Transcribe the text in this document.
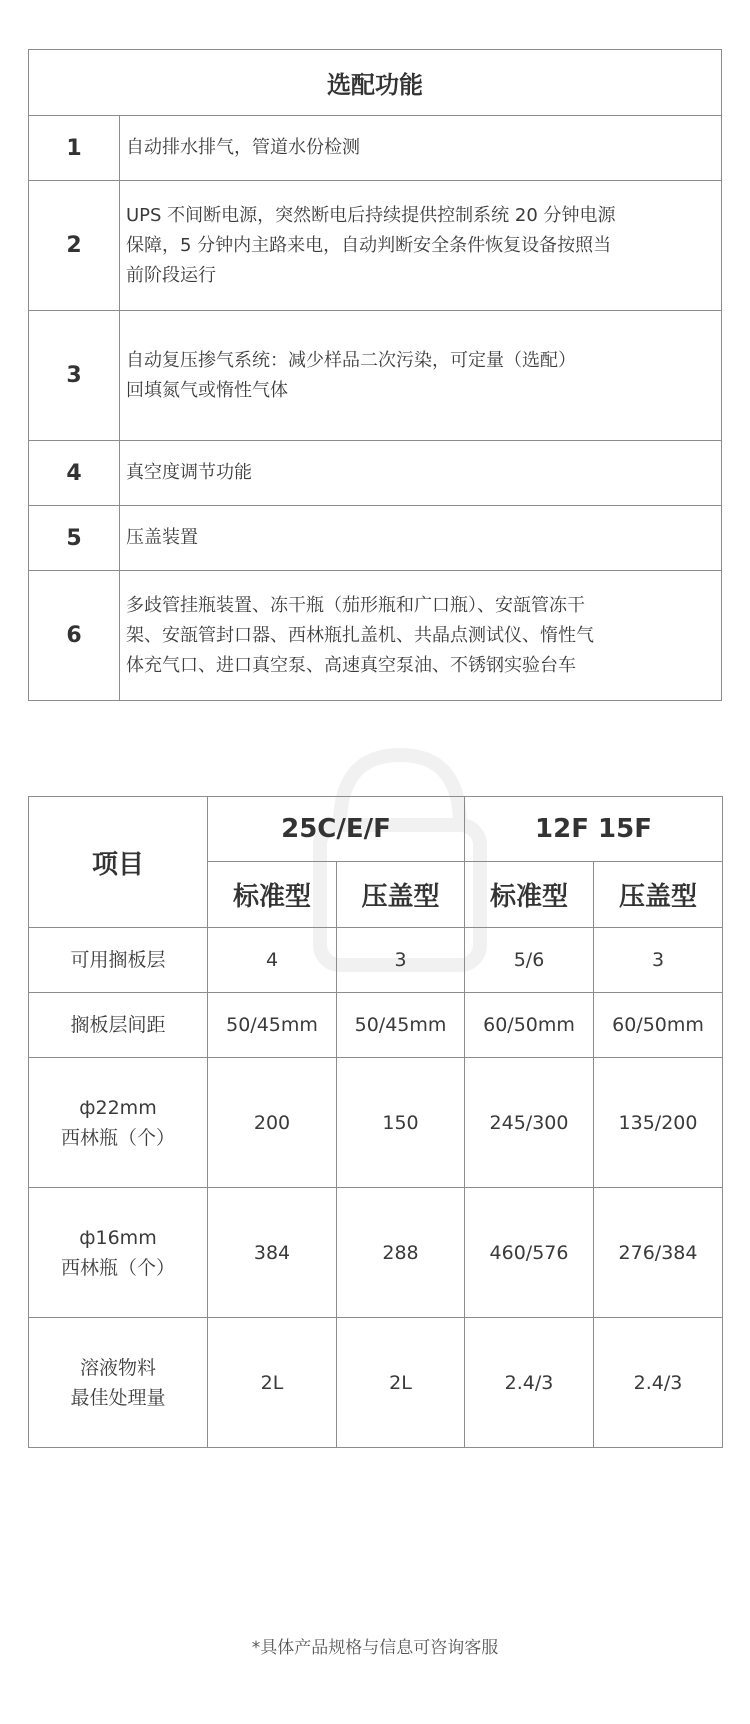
选配功能	
1	自动排水排气，管道水份检测

2	UPS 不间断电源，突然断电后持续提供控制系统 20 分钟电源
保障，5 分钟内主路来电，自动判断安全条件恢复设备按照当
前阶段运行

3	自动复压掺气系统：减少样品二次污染，可定量（选配）
回填氮气或惰性气体

4	真空度调节功能

5	压盖装置

6	多歧管挂瓶装置、冻干瓶（茄形瓶和广口瓶）、安瓿管冻干
架、安瓿管封口器、西林瓶扎盖机、共晶点测试仪、惰性气
体充气口、进口真空泵、高速真空泵油、不锈钢实验台车
项目	25C/E/F		12F 15F	
	标准型	压盖型	标准型	压盖型

可用搁板层	4	3	5/6	3

搁板层间距	50/45mm	50/45mm	60/50mm	60/50mm

ф22mm
西林瓶（个）	200	150	245/300	135/200

ф16mm
西林瓶（个）	384	288	460/576	276/384

溶液物料
最佳处理量	2L	2L	2.4/3	2.4/3
*具体产品规格与信息可咨询客服
